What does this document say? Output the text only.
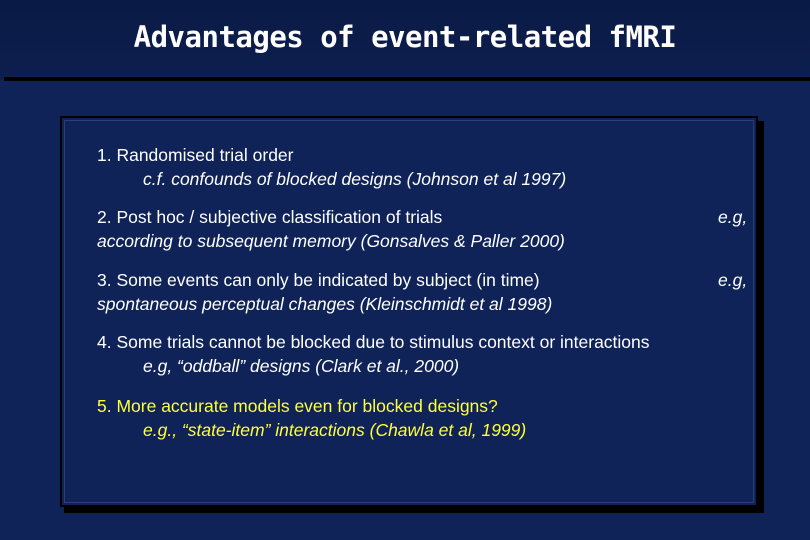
Advantages of event-related fMRI
1. Randomised trial order
c.f. confounds of blocked designs (Johnson et al 1997)
2. Post hoc / subjective classification of trials	e.g,
according to subsequent memory (Gonsalves & Paller 2000)
3. Some events can only be indicated by subject (in time)	e.g,
spontaneous perceptual changes (Kleinschmidt et al 1998)
4. Some trials cannot be blocked due to stimulus context or interactions
e.g, “oddball” designs (Clark et al., 2000)
5. More accurate models even for blocked designs?
e.g., “state-item” interactions (Chawla et al, 1999)
